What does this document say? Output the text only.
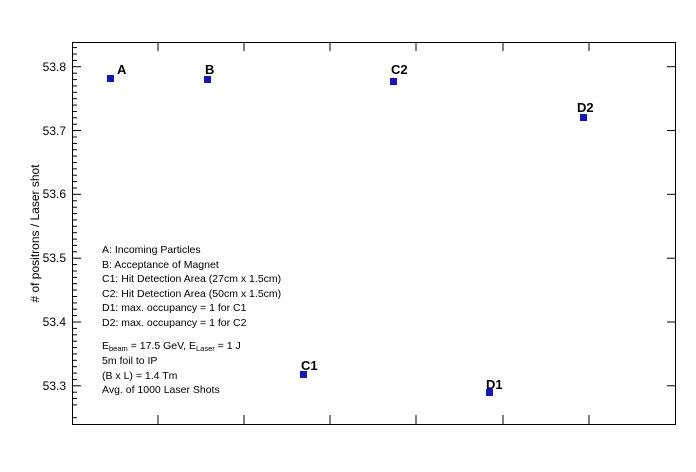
# of positrons / Laser shot
53.3
53.4
53.5
53.6
53.7
53.8	A	B
C1
C2
D1
D2
A: Incoming Particles
B: Acceptance of Magnet
C1: Hit Detection Area (27cm x 1.5cm)
C2: Hit Detection Area (50cm x 1.5cm)
D1: max. occupancy = 1 for C1
D2: max. occupancy = 1 for C2
$E_{beam} = 17.5$ GeV, $E_{Laser} = 1$ J
5m foil to IP
(B x L) = 1.4 Tm
Avg. of 1000 Laser Shots
